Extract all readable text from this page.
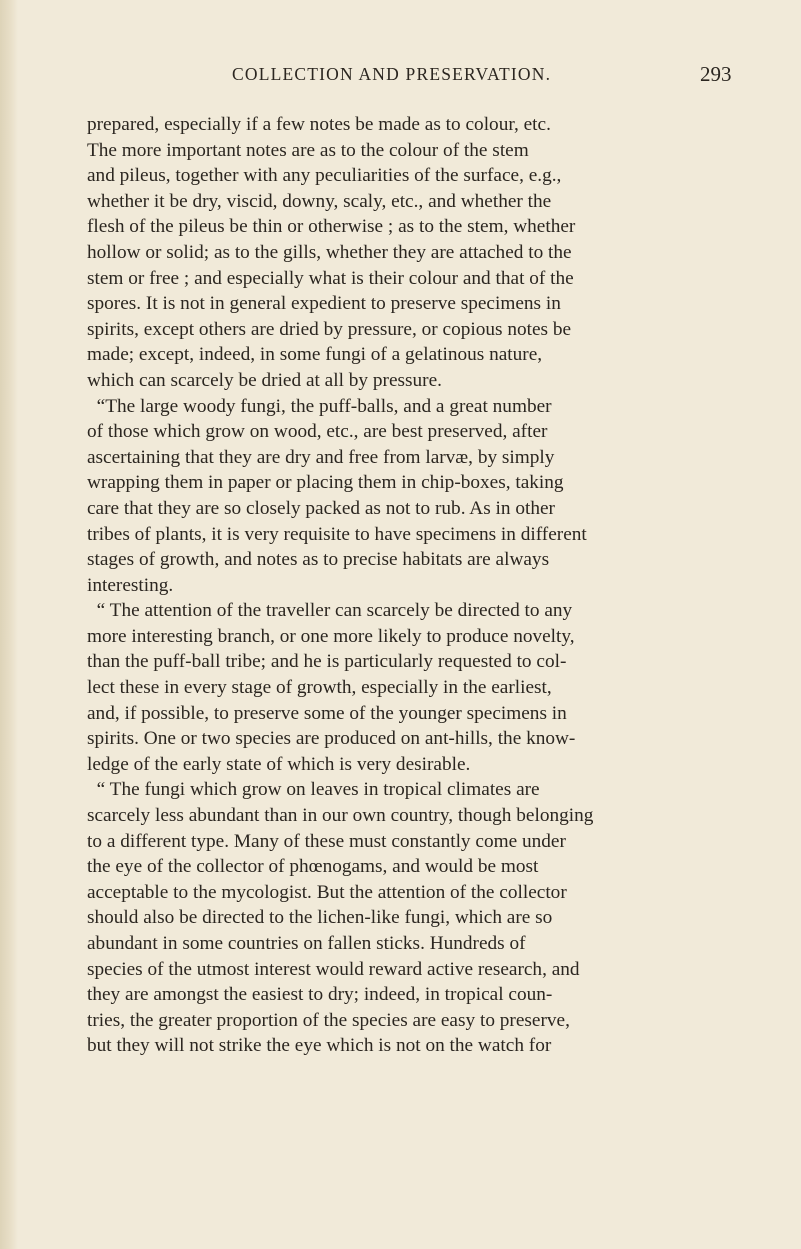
COLLECTION AND PRESERVATION.	293
prepared, especially if a few notes be made as to colour, etc.
The more important notes are as to the colour of the stem
and pileus, together with any peculiarities of the surface, e.g.,
whether it be dry, viscid, downy, scaly, etc., and whether the
flesh of the pileus be thin or otherwise ; as to the stem, whether
hollow or solid; as to the gills, whether they are attached to the
stem or free ; and especially what is their colour and that of the
spores. It is not in general expedient to preserve specimens in
spirits, except others are dried by pressure, or copious notes be
made; except, indeed, in some fungi of a gelatinous nature,
which can scarcely be dried at all by pressure.
“The large woody fungi, the puff-balls, and a great number
of those which grow on wood, etc., are best preserved, after
ascertaining that they are dry and free from larvæ, by simply
wrapping them in paper or placing them in chip-boxes, taking
care that they are so closely packed as not to rub. As in other
tribes of plants, it is very requisite to have specimens in different
stages of growth, and notes as to precise habitats are always
interesting.
“ The attention of the traveller can scarcely be directed to any
more interesting branch, or one more likely to produce novelty,
than the puff-ball tribe; and he is particularly requested to col-
lect these in every stage of growth, especially in the earliest,
and, if possible, to preserve some of the younger specimens in
spirits. One or two species are produced on ant-hills, the know-
ledge of the early state of which is very desirable.
“ The fungi which grow on leaves in tropical climates are
scarcely less abundant than in our own country, though belonging
to a different type. Many of these must constantly come under
the eye of the collector of phœnogams, and would be most
acceptable to the mycologist. But the attention of the collector
should also be directed to the lichen-like fungi, which are so
abundant in some countries on fallen sticks. Hundreds of
species of the utmost interest would reward active research, and
they are amongst the easiest to dry; indeed, in tropical coun-
tries, the greater proportion of the species are easy to preserve,
but they will not strike the eye which is not on the watch for
